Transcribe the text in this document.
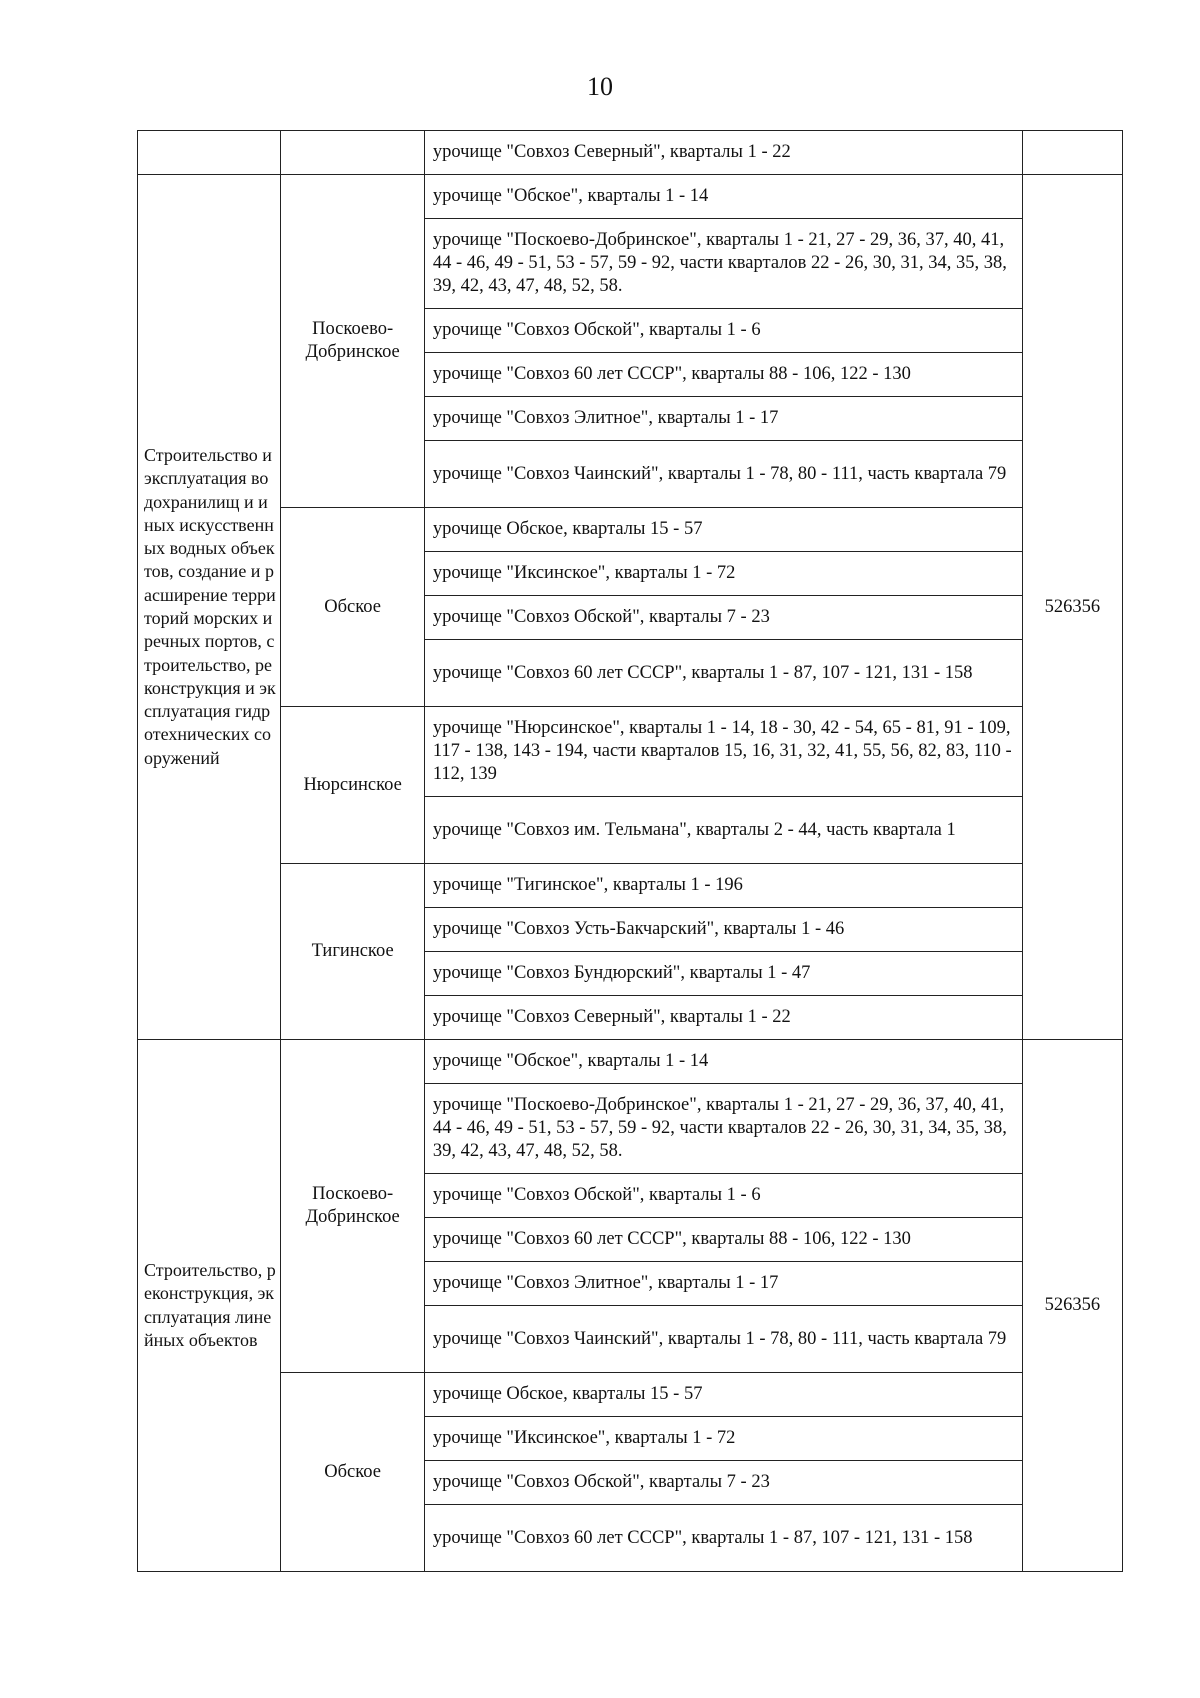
10
		урочище "Совхоз Северный", кварталы 1 - 22	

Строительство и эксплуатация водохранилищ и иных искусственных водных объектов, создание и расширение территорий морских и речных портов, строительство, реконструкция и эксплуатация гидротехнических сооружений	Поскоево-Добринское	урочище "Обское", кварталы 1 - 14	526356
		урочище "Поскоево-Добринское", кварталы 1 - 21, 27 - 29, 36, 37, 40, 41, 44 - 46, 49 - 51, 53 - 57, 59 - 92, части кварталов 22 - 26, 30, 31, 34, 35, 38, 39, 42, 43, 47, 48, 52, 58.	
		урочище "Совхоз Обской", кварталы 1 - 6	
		урочище "Совхоз 60 лет СССР", кварталы 88 - 106, 122 - 130	
		урочище "Совхоз Элитное", кварталы 1 - 17	
		урочище "Совхоз Чаинский", кварталы 1 - 78, 80 - 111, часть квартала 79	
	Обское	урочище Обское, кварталы 15 - 57	
		урочище "Иксинское", кварталы 1 - 72	
		урочище "Совхоз Обской", кварталы 7 - 23	
		урочище "Совхоз 60 лет СССР", кварталы 1 - 87, 107 - 121, 131 - 158	
	Нюрсинское	урочище "Нюрсинское", кварталы 1 - 14, 18 - 30, 42 - 54, 65 - 81, 91 - 109, 117 - 138, 143 - 194, части кварталов 15, 16, 31, 32, 41, 55, 56, 82, 83, 110 - 112, 139	
		урочище "Совхоз им. Тельмана", кварталы 2 - 44, часть квартала 1	
	Тигинское	урочище "Тигинское", кварталы 1 - 196	
		урочище "Совхоз Усть-Бакчарский", кварталы 1 - 46	
		урочище "Совхоз Бундюрский", кварталы 1 - 47	
		урочище "Совхоз Северный", кварталы 1 - 22	

Строительство, реконструкция, эксплуатация линейных объектов	Поскоево-Добринское	урочище "Обское", кварталы 1 - 14	526356
		урочище "Поскоево-Добринское", кварталы 1 - 21, 27 - 29, 36, 37, 40, 41, 44 - 46, 49 - 51, 53 - 57, 59 - 92, части кварталов 22 - 26, 30, 31, 34, 35, 38, 39, 42, 43, 47, 48, 52, 58.	
		урочище "Совхоз Обской", кварталы 1 - 6	
		урочище "Совхоз 60 лет СССР", кварталы 88 - 106, 122 - 130	
		урочище "Совхоз Элитное", кварталы 1 - 17	
		урочище "Совхоз Чаинский", кварталы 1 - 78, 80 - 111, часть квартала 79	
	Обское	урочище Обское, кварталы 15 - 57	
		урочище "Иксинское", кварталы 1 - 72	
		урочище "Совхоз Обской", кварталы 7 - 23	
		урочище "Совхоз 60 лет СССР", кварталы 1 - 87, 107 - 121, 131 - 158	
